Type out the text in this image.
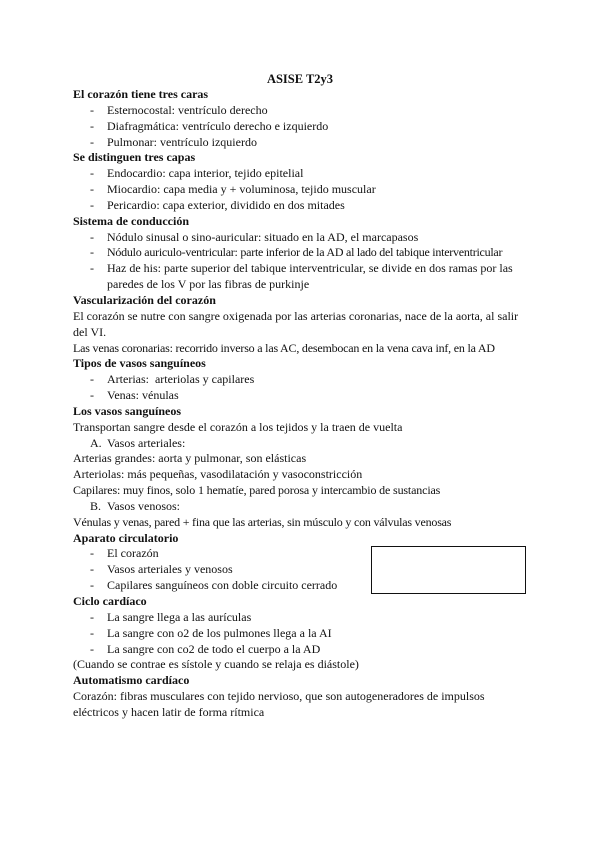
ASISE T2y3
El corazón tiene tres caras
- Esternocostal: ventrículo derecho
- Diafragmática: ventrículo derecho e izquierdo
- Pulmonar: ventrículo izquierdo
Se distinguen tres capas
- Endocardio: capa interior, tejido epitelial
- Miocardio: capa media y + voluminosa, tejido muscular
- Pericardio: capa exterior, dividido en dos mitades
Sistema de conducción
- Nódulo sinusal o sino-auricular: situado en la AD, el marcapasos
- Nódulo auriculo-ventricular: parte inferior de la AD al lado del tabique interventricular
- Haz de his: parte superior del tabique interventricular, se divide en dos ramas por las paredes de los V por las fibras de purkinje
Vascularización del corazón
El corazón se nutre con sangre oxigenada por las arterias coronarias, nace de la aorta, al salir del VI.
Las venas coronarias: recorrido inverso a las AC, desembocan en la vena cava inf, en la AD
Tipos de vasos sanguíneos
- Arterias:  arteriolas y capilares
- Venas: vénulas
Los vasos sanguíneos
Transportan sangre desde el corazón a los tejidos y la traen de vuelta
A. Vasos arteriales:
Arterias grandes: aorta y pulmonar, son elásticas
Arteriolas: más pequeñas, vasodilatación y vasoconstricción
Capilares: muy finos, solo 1 hematíe, pared porosa y intercambio de sustancias
B. Vasos venosos:
Vénulas y venas, pared + fina que las arterias, sin músculo y con válvulas venosas
Aparato circulatorio
- El corazón
- Vasos arteriales y venosos
- Capilares sanguíneos con doble circuito cerrado
Ciclo cardíaco
- La sangre llega a las aurículas
- La sangre con o2 de los pulmones llega a la AI
- La sangre con co2 de todo el cuerpo a la AD
(Cuando se contrae es sístole y cuando se relaja es diástole)
Automatismo cardíaco
Corazón: fibras musculares con tejido nervioso, que son autogeneradores de impulsos eléctricos y hacen latir de forma rítmica
